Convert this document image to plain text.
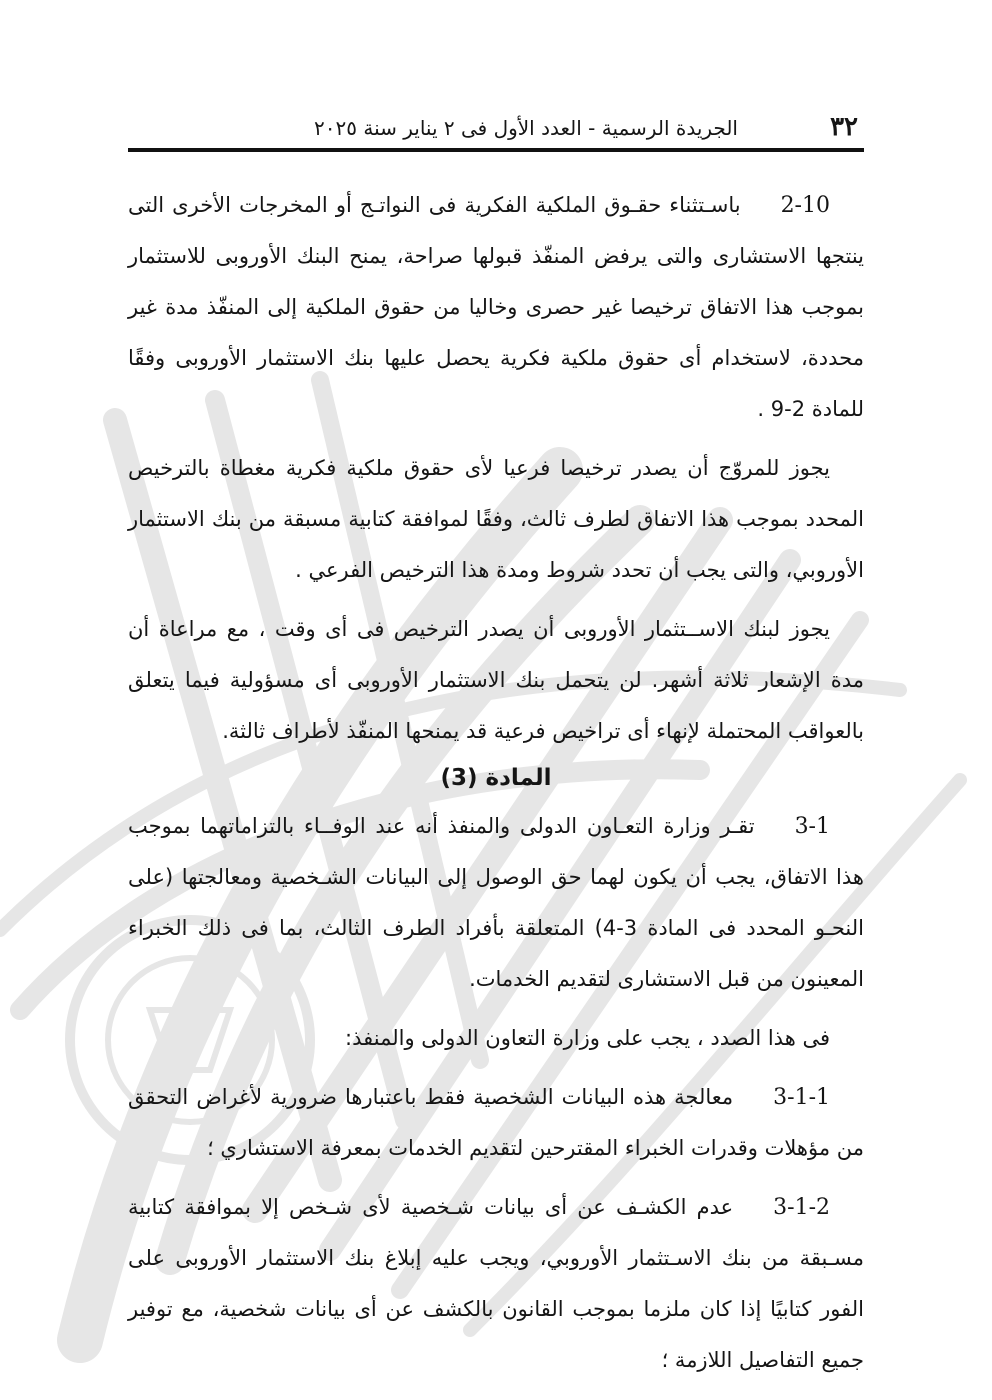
٣٢
الجريدة الرسمية - العدد الأول فى ٢ يناير سنة ٢٠٢٥

2-10باسـتثناء حقـوق الملكية الفكرية فى النواتـج أو المخرجات الأخرى التى ينتجها الاستشارى والتى يرفض المنفّذ قبولها صراحة، يمنح البنك الأوروبى للاستثمار بموجب هذا الاتفاق ترخيصا غير حصرى وخاليا من حقوق الملكية إلى المنفّذ مدة غير محددة، لاستخدام أى حقوق ملكية فكرية يحصل عليها بنك الاستثمار الأوروبى وفقًا للمادة 2-9 .

يجوز للمروّج أن يصدر ترخيصا فرعيا لأى حقوق ملكية فكرية مغطاة بالترخيص المحدد بموجب هذا الاتفاق لطرف ثالث، وفقًا لموافقة كتابية مسبقة من بنك الاستثمار الأوروبي، والتى يجب أن تحدد شروط ومدة هذا الترخيص الفرعي .

يجوز لبنك الاســتثمار الأوروبى أن يصدر الترخيص فى أى وقت ، مع مراعاة أن مدة الإشعار ثلاثة أشهر. لن يتحمل بنك الاستثمار الأوروبى أى مسؤولية فيما يتعلق بالعواقب المحتملة لإنهاء أى تراخيص فرعية قد يمنحها المنفّذ لأطراف ثالثة.

المادة (3)

3-1تقـر وزارة التعـاون الدولى والمنفذ أنه عند الوفــاء بالتزاماتهما بموجب هذا الاتفاق، يجب أن يكون لهما حق الوصول إلى البيانات الشـخصية ومعالجتها (على النحـو المحدد فى المادة 3-4) المتعلقة بأفراد الطرف الثالث، بما فى ذلك الخبراء المعينون من قبل الاستشارى لتقديم الخدمات.

فى هذا الصدد ، يجب على وزارة التعاون الدولى والمنفذ:

3-1-1معالجة هذه البيانات الشخصية فقط باعتبارها ضرورية لأغراض التحقق من مؤهلات وقدرات الخبراء المقترحين لتقديم الخدمات بمعرفة الاستشاري ؛

3-1-2عدم الكشـف عن أى بيانات شـخصية لأى شـخص إلا بموافقة كتابية مسـبقة من بنك الاسـتثمار الأوروبي، ويجب عليه إبلاغ بنك الاستثمار الأوروبى على الفور كتابيًا إذا كان ملزما بموجب القانون بالكشف عن أى بيانات شخصية، مع توفير جميع التفاصيل اللازمة ؛
